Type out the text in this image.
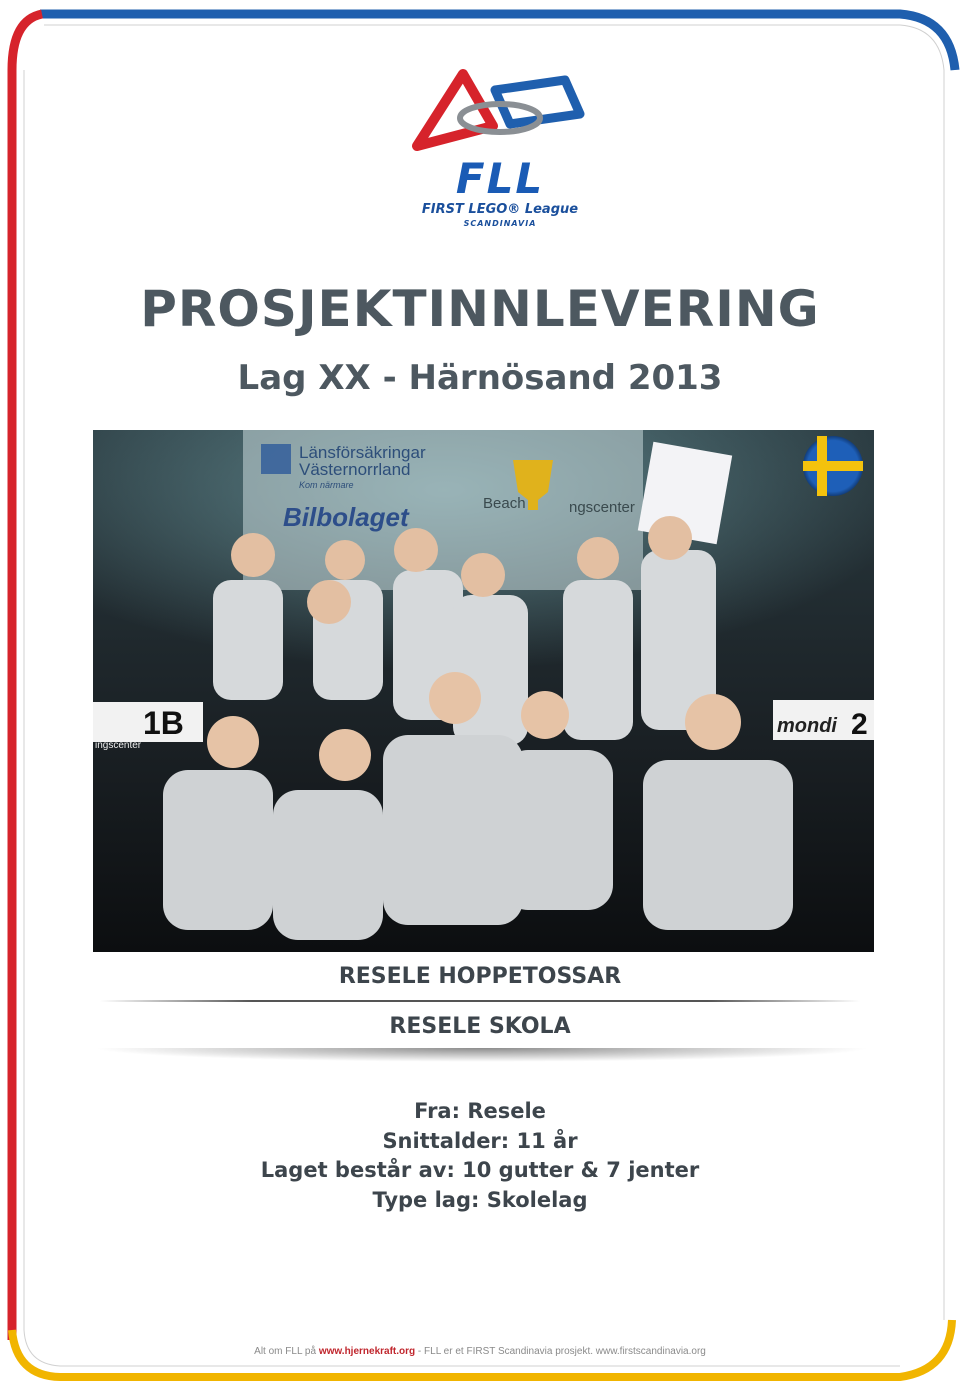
FLL
FIRST LEGO® League
SCANDINAVIA
PROSJEKTINNLEVERING
Lag XX - Härnösand 2013
Länsförsäkringar
Västernorrland
Kom närmare
Bilbolaget	Beach	ngscenter
1B
ingscenter
mondi 2
RESELE HOPPETOSSAR
RESELE SKOLA
Fra: Resele
Snittalder: 11 år
Laget består av: 10 gutter & 7 jenter
Type lag: Skolelag
Alt om FLL på www.hjernekraft.org - FLL er et FIRST Scandinavia prosjekt. www.firstscandinavia.org
